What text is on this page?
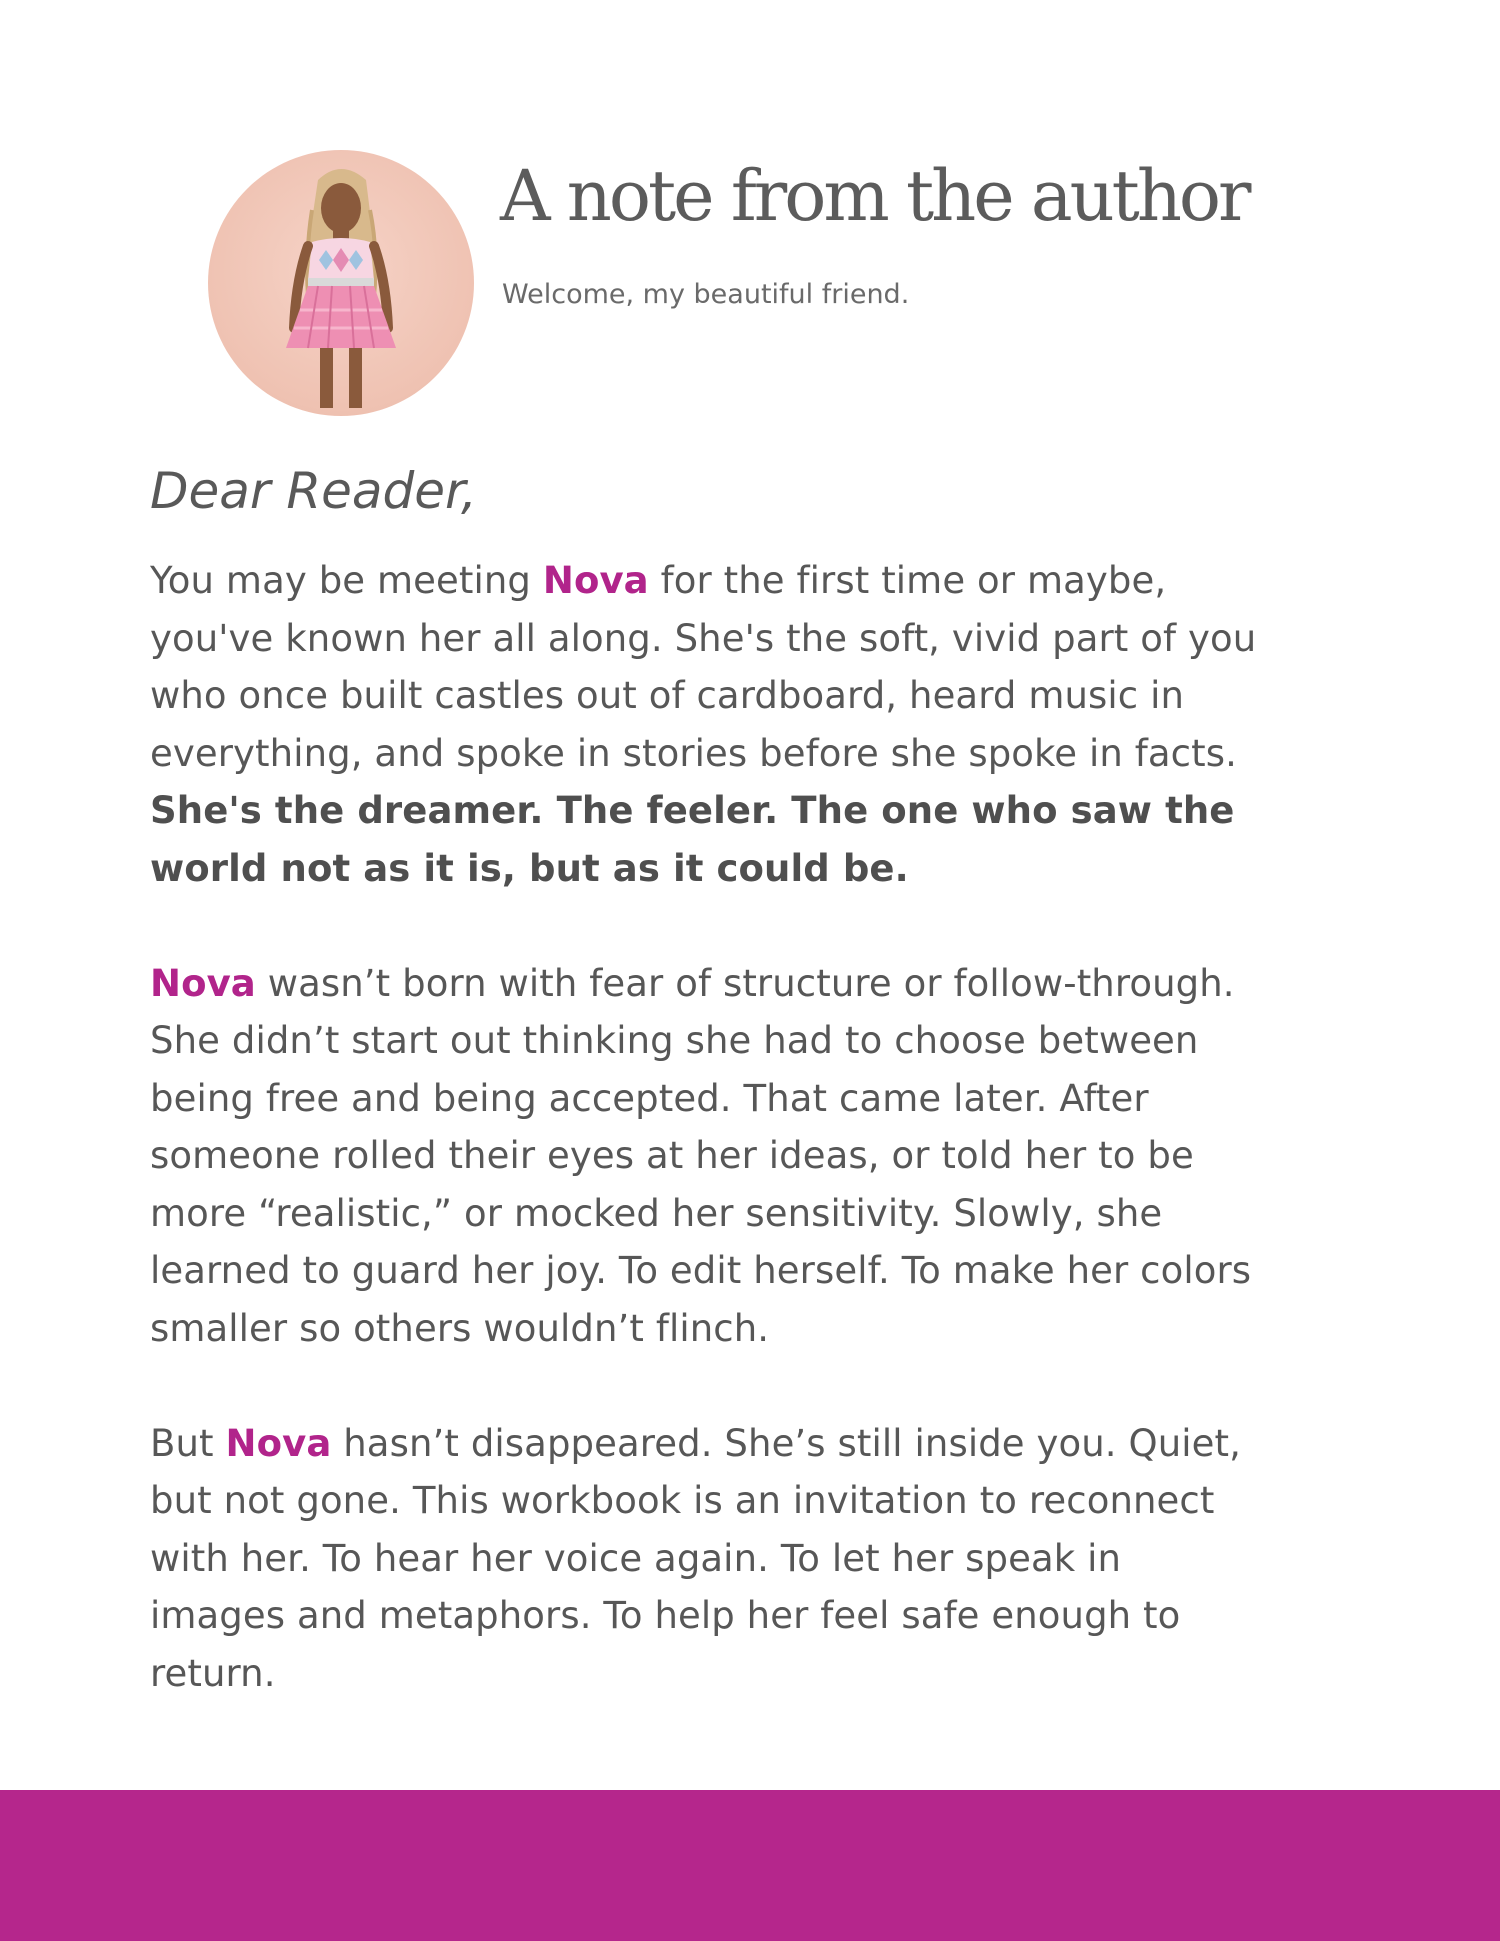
A note from the author

Welcome, my beautiful friend.

Dear Reader,

You may be meeting Nova for the first time or maybe,
you've known her all along. She's the soft, vivid part of you
who once built castles out of cardboard, heard music in
everything, and spoke in stories before she spoke in facts.
She's the dreamer. The feeler. The one who saw the
world not as it is, but as it could be.

Nova wasn’t born with fear of structure or follow-through.
She didn’t start out thinking she had to choose between
being free and being accepted. That came later. After
someone rolled their eyes at her ideas, or told her to be
more “realistic,” or mocked her sensitivity. Slowly, she
learned to guard her joy. To edit herself. To make her colors
smaller so others wouldn’t flinch.

But Nova hasn’t disappeared. She’s still inside you. Quiet,
but not gone. This workbook is an invitation to reconnect
with her. To hear her voice again. To let her speak in
images and metaphors. To help her feel safe enough to
return.
